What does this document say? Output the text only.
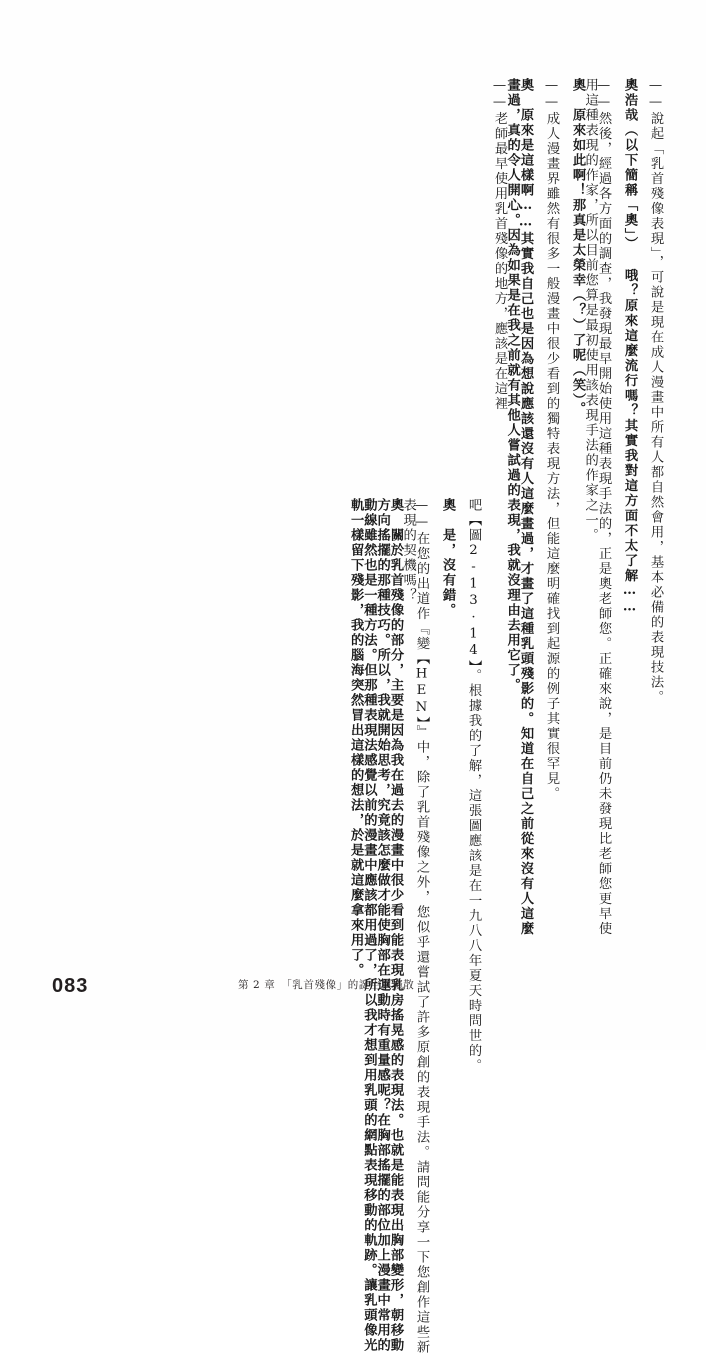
——說起「乳首殘像表現」，可說是現在成人漫畫中所有人都自然會用，基本必備的表現技法。
奧浩哉（以下簡稱「奧」） 哦？原來這麼流行嗎？其實我對這方面不太了解……
——然後，經過各方面的調查，我發現最早開始使用這種表現手法的，正是奧老師您。正確來說，是目前仍未發現比老師您更早使用這種表現的作家，所以目前您算是最初使用該表現手法的作家之一。
奧　原來如此啊！那真是太榮幸（？）了呢（笑）。
——成人漫畫界雖然有很多一般漫畫中很少看到的獨特表現方法，但能這麼明確找到起源的例子其實很罕見。
奧　原來是這樣啊……其實我自己也是因為想說應該還沒有人這麼畫過，才畫了這種乳頭殘影的。知道在自己之前從來沒有人這麼畫過，真的令人開心。因為如果是在我之前就有其他人嘗試過的表現，我就沒理由去用它了。
——老師最早使用乳首殘像的地方，應該是在這裡
吧【圖2-13·14】。根據我的了解，這張圖應該是在一九八八年夏天時問世的。
奧　是，沒有錯。
——在您的出道作『變【HEN】』中，除了乳首殘像之外，您似乎還嘗試了許多原創的表現手法。請問能分享一下您創作這些新表現的契機嗎？
奧　關於乳首殘像的部分，主要是因為我在過去的漫畫中很少看到能表現乳房搖晃感的表現法。也就是能表現出胸部變形，朝移動方向搖擺的那種技巧。所以，我就開始思考，究竟該怎麼做才能使胸部在運動時有重量感呢？在胸部搖擺的部位加上漫畫中常用的動線雖然也是一種方法。但那種表現法感覺以前的漫畫中應該都用過了，所以我才想到用乳頭的網點表現移動的軌跡。讓乳頭像光軌一樣留下殘影，我的腦海突然冒出這樣的想法，於是就這麼拿來用了。
083	第 2 章　「乳首殘像」的誕生與擴散
